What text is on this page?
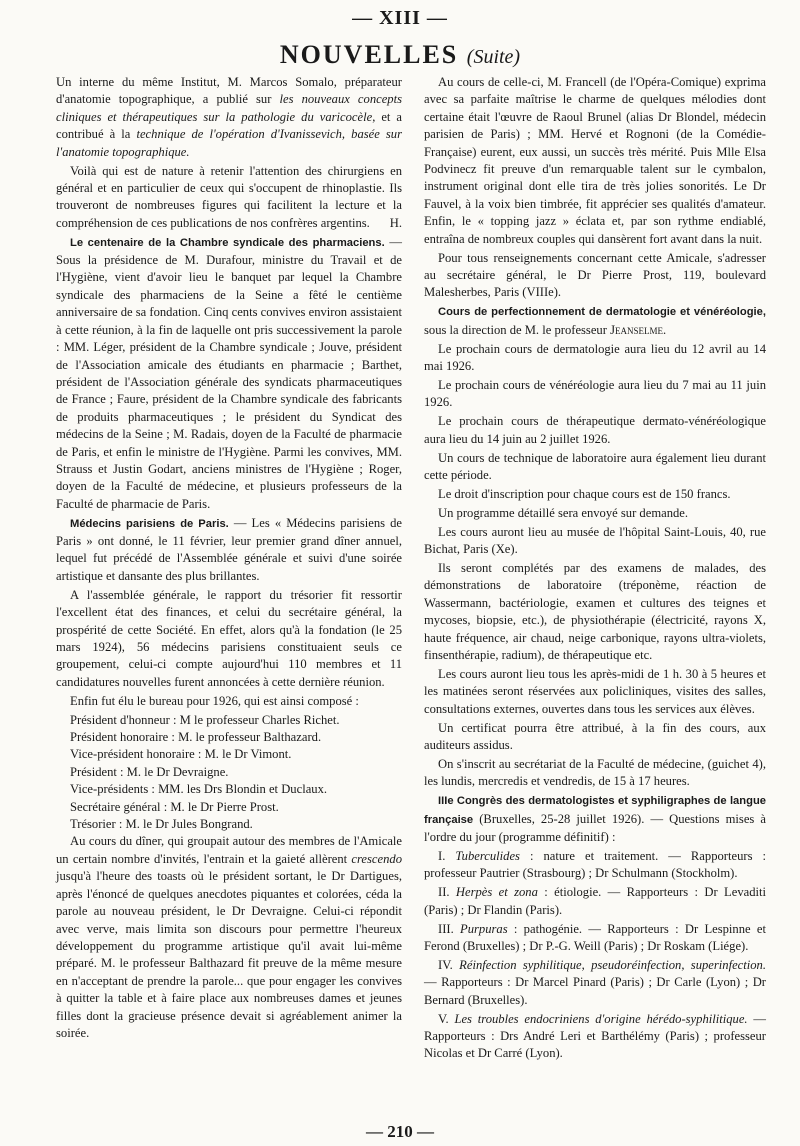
— XIII —
NOUVELLES (Suite)

Un interne du même Institut, M. Marcos Somalo, préparateur d'anatomie topographique, a publié sur les nouveaux concepts cliniques et thérapeutiques sur la pathologie du varicocèle, et a contribué à la technique de l'opération d'Ivanissevich, basée sur l'anatomie topographique.

Voilà qui est de nature à retenir l'attention des chirurgiens en général et en particulier de ceux qui s'occupent de rhinoplastie. Ils trouveront de nombreuses figures qui facilitent la lecture et la compréhension de ces publications de nos confrères argentins.	H.

Le centenaire de la Chambre syndicale des pharmaciens. — Sous la présidence de M. Durafour, ministre du Travail et de l'Hygiène, vient d'avoir lieu le banquet par lequel la Chambre syndicale des pharmaciens de la Seine a fêté le centième anniversaire de sa fondation. Cinq cents convives environ assistaient à cette réunion, à la fin de laquelle ont pris successivement la parole : MM. Léger, président de la Chambre syndicale ; Jouve, président de l'Association amicale des étudiants en pharmacie ; Barthet, président de l'Association générale des syndicats pharmaceutiques de France ; Faure, président de la Chambre syndicale des fabricants de produits pharmaceutiques ; le président du Syndicat des médecins de la Seine ; M. Radais, doyen de la Faculté de pharmacie de Paris, et enfin le ministre de l'Hygiène. Parmi les convives, MM. Strauss et Justin Godart, anciens ministres de l'Hygiène ; Roger, doyen de la Faculté de médecine, et plusieurs professeurs de la Faculté de pharmacie de Paris.

Médecins parisiens de Paris. — Les « Médecins parisiens de Paris » ont donné, le 11 février, leur premier grand dîner annuel, lequel fut précédé de l'Assemblée générale et suivi d'une soirée artistique et dansante des plus brillantes.

A l'assemblée générale, le rapport du trésorier fit ressortir l'excellent état des finances, et celui du secrétaire général, la prospérité de cette Société. En effet, alors qu'à la fondation (le 25 mars 1924), 56 médecins parisiens constituaient seuls ce groupement, celui-ci compte aujourd'hui 110 membres et 11 candidatures nouvelles furent annoncées à cette dernière réunion.

Enfin fut élu le bureau pour 1926, qui est ainsi composé :

Président d'honneur : M le professeur Charles Richet.

Président honoraire : M. le professeur Balthazard.

Vice-président honoraire : M. le Dr Vimont.

Président : M. le Dr Devraigne.

Vice-présidents : MM. les Drs Blondin et Duclaux.

Secrétaire général : M. le Dr Pierre Prost.

Trésorier : M. le Dr Jules Bongrand.

Au cours du dîner, qui groupait autour des membres de l'Amicale un certain nombre d'invités, l'entrain et la gaieté allèrent crescendo jusqu'à l'heure des toasts où le président sortant, le Dr Dartigues, après l'énoncé de quelques anecdotes piquantes et colorées, céda la parole au nouveau président, le Dr Devraigne. Celui-ci répondit avec verve, mais limita son discours pour permettre l'heureux développement du programme artistique qu'il avait lui-même préparé. M. le professeur Balthazard fit preuve de la même mesure en n'acceptant de prendre la parole... que pour engager les convives à quitter la table et à faire place aux nombreuses dames et jeunes filles dont la gracieuse présence devait si agréablement animer la soirée.

Au cours de celle-ci, M. Francell (de l'Opéra-Comique) exprima avec sa parfaite maîtrise le charme de quelques mélodies dont certaine était l'œuvre de Raoul Brunel (alias Dr Blondel, médecin parisien de Paris) ; MM. Hervé et Rognoni (de la Comédie-Française) eurent, eux aussi, un succès très mérité. Puis Mlle Elsa Podvinecz fit preuve d'un remarquable talent sur le cymbalon, instrument original dont elle tira de très jolies sonorités. Le Dr Fauvel, à la voix bien timbrée, fit apprécier ses qualités d'amateur. Enfin, le « topping jazz » éclata et, par son rythme endiablé, entraîna de nombreux couples qui dansèrent fort avant dans la nuit.

Pour tous renseignements concernant cette Amicale, s'adresser au secrétaire général, le Dr Pierre Prost, 119, boulevard Malesherbes, Paris (VIIIe).

Cours de perfectionnement de dermatologie et vénéréologie, sous la direction de M. le professeur Jeanselme.

Le prochain cours de dermatologie aura lieu du 12 avril au 14 mai 1926.

Le prochain cours de vénéréologie aura lieu du 7 mai au 11 juin 1926.

Le prochain cours de thérapeutique dermato-vénéréologique aura lieu du 14 juin au 2 juillet 1926.

Un cours de technique de laboratoire aura également lieu durant cette période.

Le droit d'inscription pour chaque cours est de 150 francs.

Un programme détaillé sera envoyé sur demande.

Les cours auront lieu au musée de l'hôpital Saint-Louis, 40, rue Bichat, Paris (Xe).

Ils seront complétés par des examens de malades, des démonstrations de laboratoire (tréponème, réaction de Wassermann, bactériologie, examen et cultures des teignes et mycoses, biopsie, etc.), de physiothérapie (électricité, rayons X, haute fréquence, air chaud, neige carbonique, rayons ultra-violets, finsenthérapie, radium), de thérapeutique etc.

Les cours auront lieu tous les après-midi de 1 h. 30 à 5 heures et les matinées seront réservées aux policliniques, visites des salles, consultations externes, ouvertes dans tous les services aux élèves.

Un certificat pourra être attribué, à la fin des cours, aux auditeurs assidus.

On s'inscrit au secrétariat de la Faculté de médecine, (guichet 4), les lundis, mercredis et vendredis, de 15 à 17 heures.

IIIe Congrès des dermatologistes et syphiligraphes de langue française (Bruxelles, 25-28 juillet 1926). — Questions mises à l'ordre du jour (programme définitif) :

I. Tuberculides : nature et traitement. — Rapporteurs : professeur Pautrier (Strasbourg) ; Dr Schulmann (Stockholm).

II. Herpès et zona : étiologie. — Rapporteurs : Dr Levaditi (Paris) ; Dr Flandin (Paris).

III. Purpuras : pathogénie. — Rapporteurs : Dr Lespinne et Ferond (Bruxelles) ; Dr P.-G. Weill (Paris) ; Dr Roskam (Liége).

IV. Réinfection syphilitique, pseudoréinfection, superinfection. — Rapporteurs : Dr Marcel Pinard (Paris) ; Dr Carle (Lyon) ; Dr Bernard (Bruxelles).

V. Les troubles endocriniens d'origine hérédo-syphilitique. — Rapporteurs : Drs André Leri et Barthélémy (Paris) ; professeur Nicolas et Dr Carré (Lyon).

— 210 —
